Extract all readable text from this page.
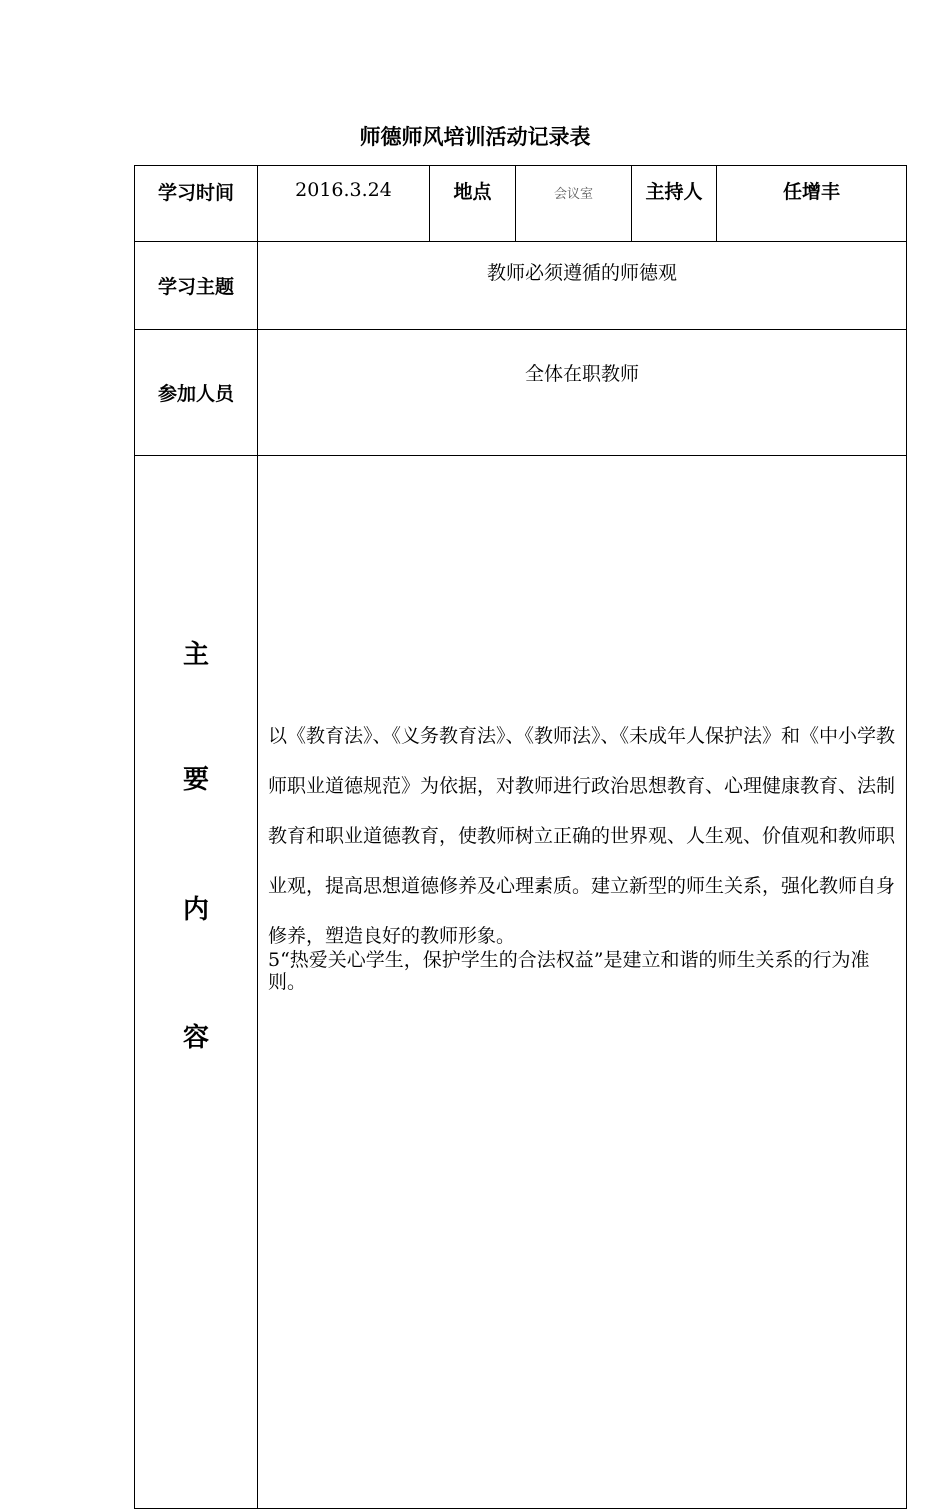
师德师风培训活动记录表
学习时间	2016.3.24	地点	会议室	主持人	任增丰
学习主题	教师必须遵循的师德观				
参加人员	全体在职教师				

主
要
内
容	以《教育法》、《义务教育法》、《教师法》、《未成年人保护法》和《中小学教师职业道德规范》为依据，对教师进行政治思想教育、心理健康教育、法制教育和职业道德教育，使教师树立正确的世界观、人生观、价值观和教师职业观，提高思想道德修养及心理素质。建立新型的师生关系，强化教师自身修养，塑造良好的教师形象。
5“热爱关心学生，保护学生的合法权益”是建立和谐的师生关系的行为准则。				
